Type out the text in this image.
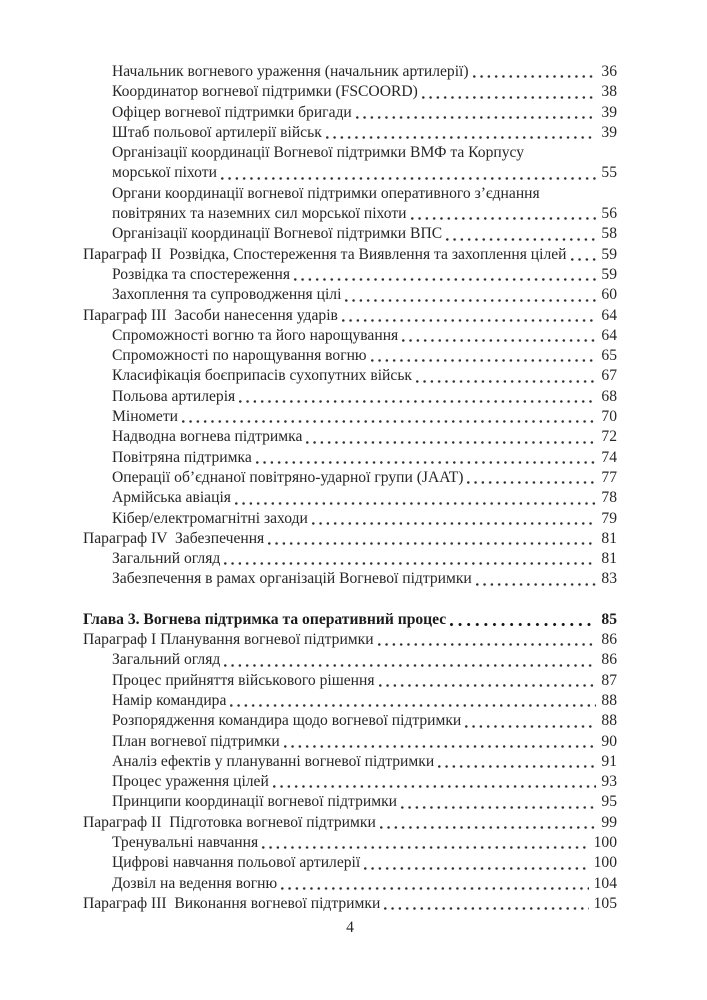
Начальник вогневого ураження (начальник артилерії)	36
Координатор вогневої підтримки (FSCOORD)	38
Офіцер вогневої підтримки бригади	39
Штаб польової артилерії військ	39
Організації координації Вогневої підтримки ВМФ та Корпусу
морської піхоти	55
Органи координації вогневої підтримки оперативного з’єднання
повітряних та наземних сил морської піхоти	56
Організації координації Вогневої підтримки ВПС	58
Параграф II  Розвідка, Спостереження та Виявлення та захоплення цілей 59
Розвідка та спостереження	59
Захоплення та супроводження цілі	60
Параграф III  Засоби нанесення ударів	64
Спроможності вогню та його нарощування	64
Спроможності по нарощування вогню	65
Класифікація боєприпасів сухопутних військ	67
Польова артилерія	68
Міномети	70
Надводна вогнева підтримка	72
Повітряна підтримка	74
Операції об’єднаної повітряно-ударної групи (JAAT)	77
Армійська авіація	78
Кібер/електромагнітні заходи	79
Параграф IV  Забезпечення	81
Загальний огляд	81
Забезпечення в рамах організацій Вогневої підтримки	83
Глава 3. Вогнева підтримка та оперативний процес	85
Параграф I Планування вогневої підтримки	86
Загальний огляд	86
Процес прийняття військового рішення	87
Намір командира	88
Розпорядження командира щодо вогневої підтримки	88
План вогневої підтримки	90
Аналіз ефектів у плануванні вогневої підтримки	91
Процес ураження цілей	93
Принципи координації вогневої підтримки	95
Параграф II  Підготовка вогневої підтримки	99
Тренувальні навчання	100
Цифрові навчання польової артилерії	100
Дозвіл на ведення вогню	104
Параграф III  Виконання вогневої підтримки	105
4
